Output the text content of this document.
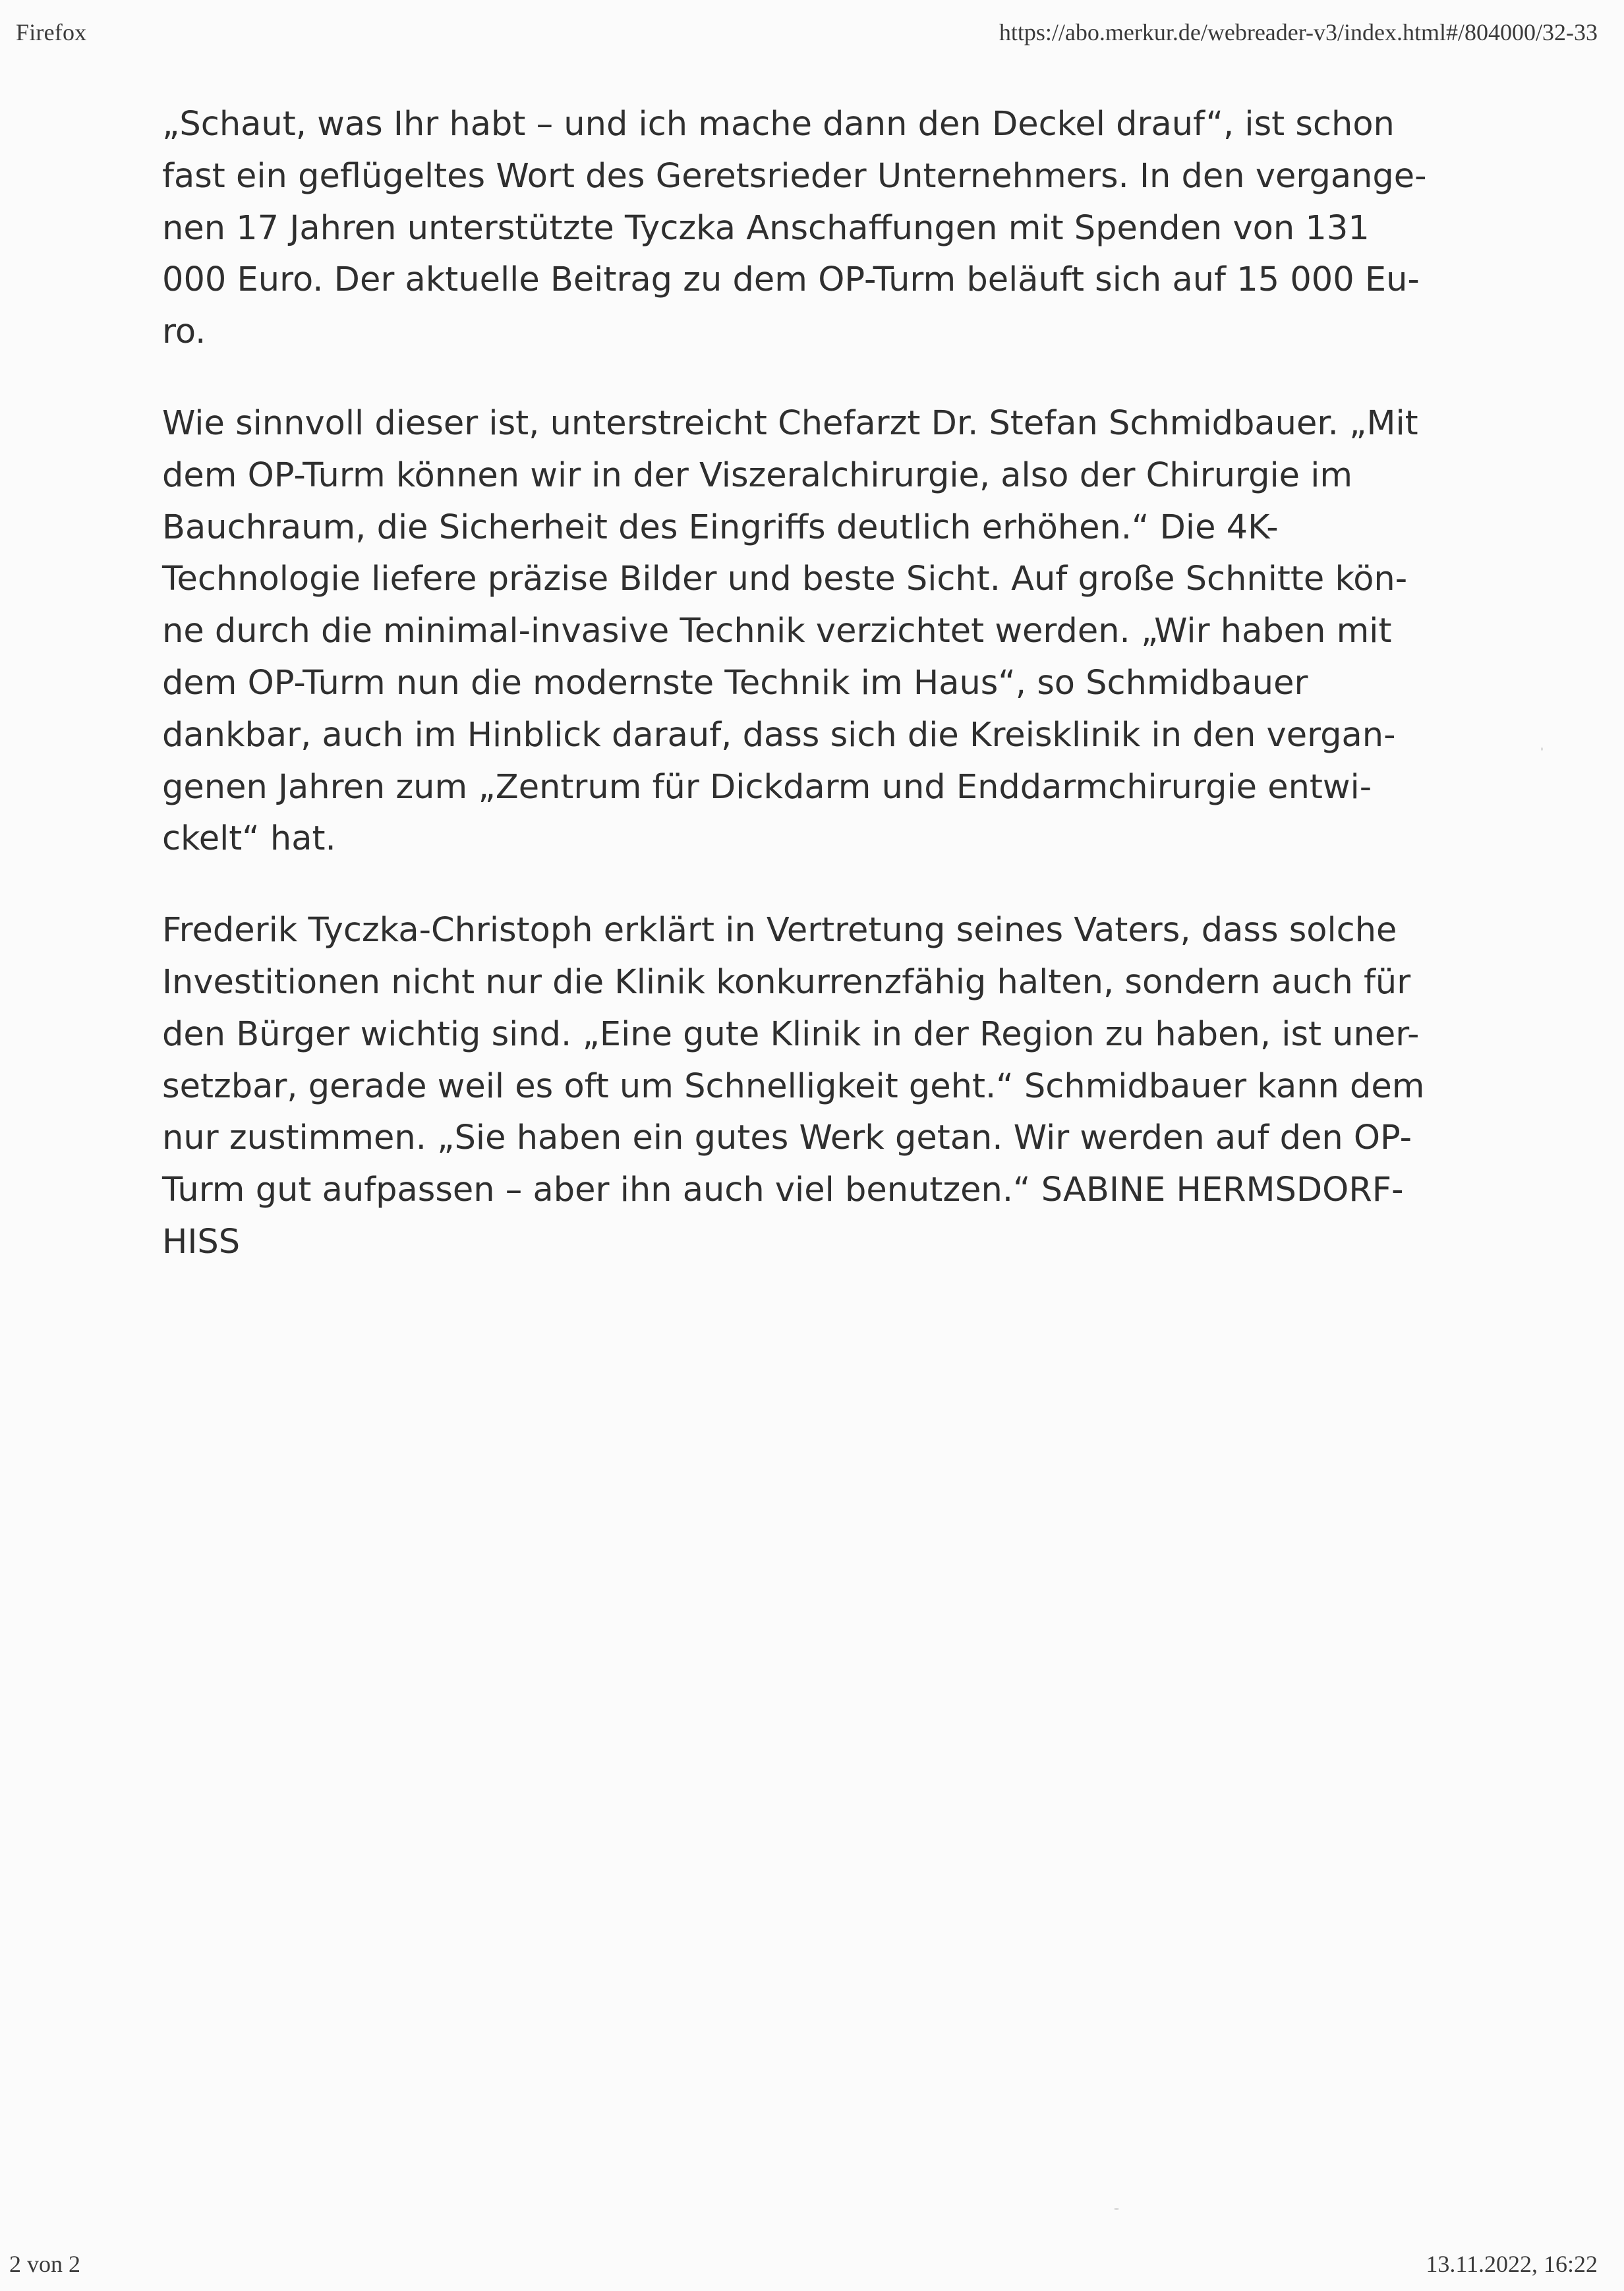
Firefox	https://abo.merkur.de/webreader-v3/index.html#/804000/32-33

„Schaut, was Ihr habt – und ich mache dann den Deckel drauf“, ist schon
fast ein geflügeltes Wort des Geretsrieder Unternehmers. In den vergange-
nen 17 Jahren unterstützte Tyczka Anschaffungen mit Spenden von 131
000 Euro. Der aktuelle Beitrag zu dem OP-Turm beläuft sich auf 15 000 Eu-
ro.

Wie sinnvoll dieser ist, unterstreicht Chefarzt Dr. Stefan Schmidbauer. „Mit
dem OP-Turm können wir in der Viszeralchirurgie, also der Chirurgie im
Bauchraum, die Sicherheit des Eingriffs deutlich erhöhen.“ Die 4K-
Technologie liefere präzise Bilder und beste Sicht. Auf große Schnitte kön-
ne durch die minimal-invasive Technik verzichtet werden. „Wir haben mit
dem OP-Turm nun die modernste Technik im Haus“, so Schmidbauer
dankbar, auch im Hinblick darauf, dass sich die Kreisklinik in den vergan-
genen Jahren zum „Zentrum für Dickdarm und Enddarmchirurgie entwi-
ckelt“ hat.

Frederik Tyczka-Christoph erklärt in Vertretung seines Vaters, dass solche
Investitionen nicht nur die Klinik konkurrenzfähig halten, sondern auch für
den Bürger wichtig sind. „Eine gute Klinik in der Region zu haben, ist uner-
setzbar, gerade weil es oft um Schnelligkeit geht.“ Schmidbauer kann dem
nur zustimmen. „Sie haben ein gutes Werk getan. Wir werden auf den OP-
Turm gut aufpassen – aber ihn auch viel benutzen.“ SABINE HERMSDORF-
HISS

2 von 2	13.11.2022, 16:22
